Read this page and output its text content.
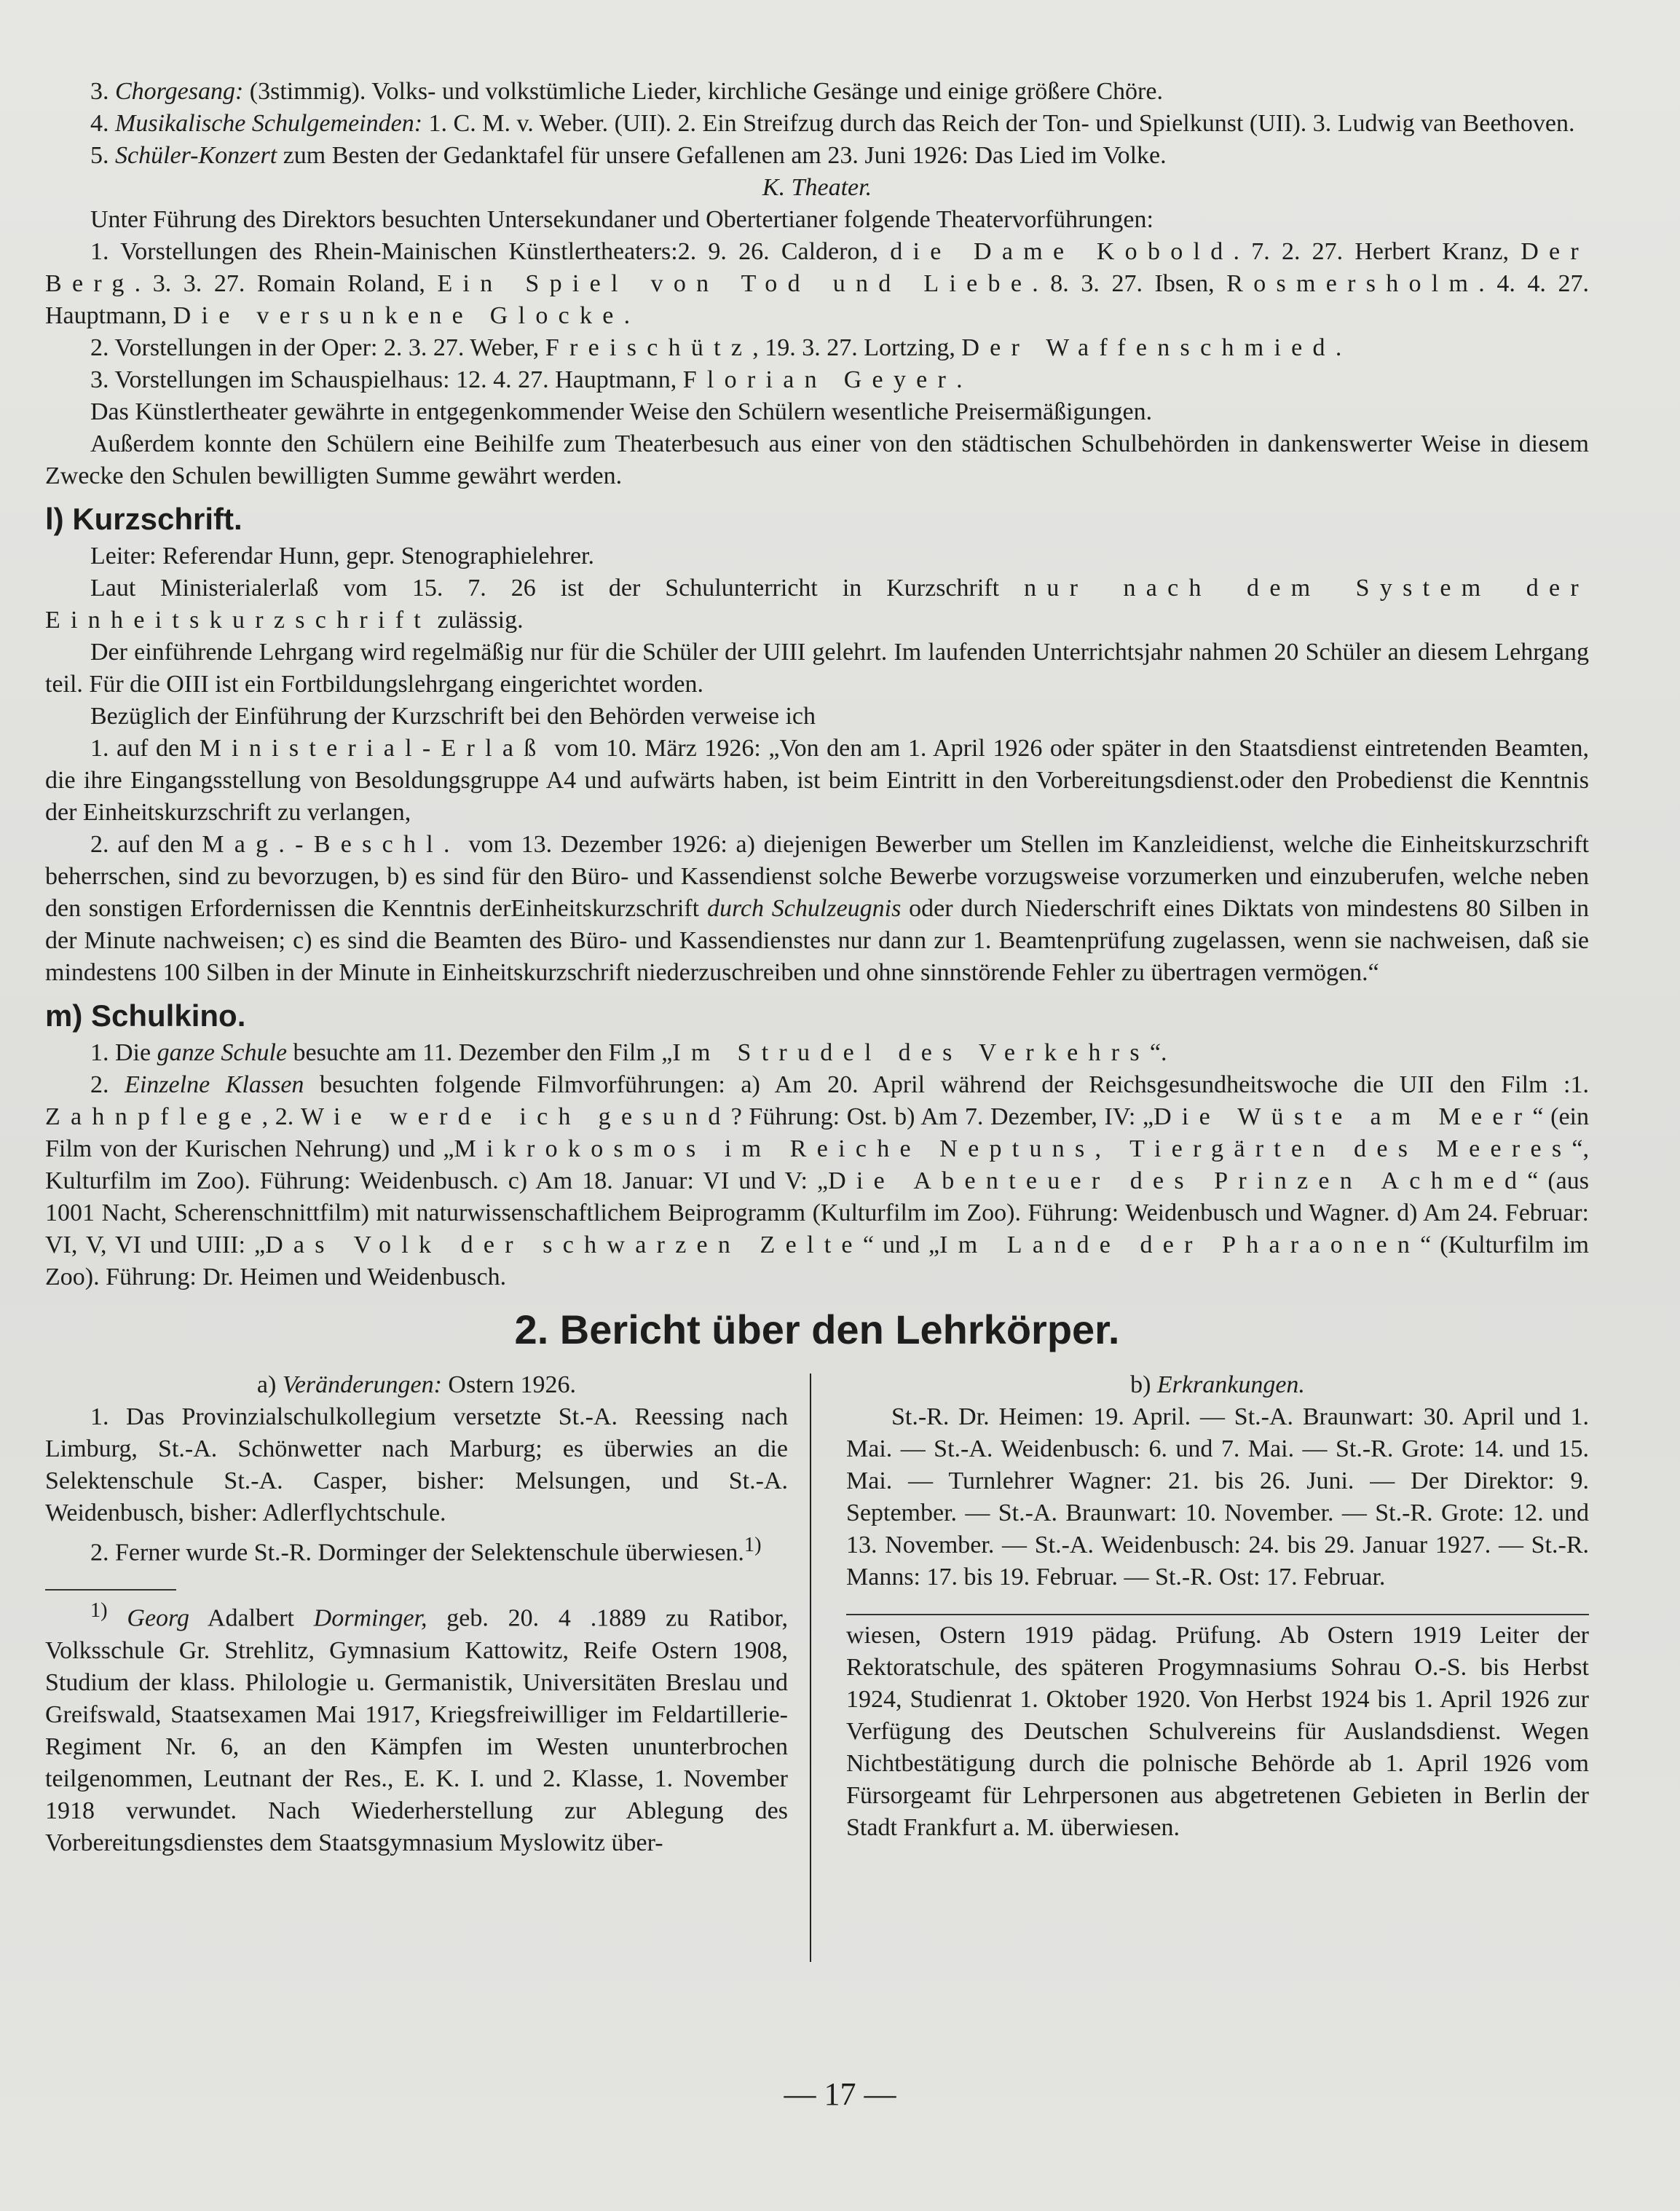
3. Chorgesang: (3stimmig). Volks- und volkstümliche Lieder, kirchliche Gesänge und einige größere Chöre.

4. Musikalische Schulgemeinden: 1. C. M. v. Weber. (UII). 2. Ein Streifzug durch das Reich der Ton- und Spielkunst (UII). 3. Ludwig van Beethoven.

5. Schüler-Konzert zum Besten der Gedanktafel für unsere Gefallenen am 23. Juni 1926: Das Lied im Volke.

K. Theater.

Unter Führung des Direktors besuchten Untersekundaner und Obertertianer folgende Theatervorführungen:

1. Vorstellungen des Rhein-Mainischen Künstlertheaters:2. 9. 26. Calderon, die Dame Kobold. 7. 2. 27. Herbert Kranz, Der Berg. 3. 3. 27. Romain Roland, Ein Spiel von Tod und Liebe. 8. 3. 27. Ibsen, Rosmersholm. 4. 4. 27. Hauptmann, Die versunkene Glocke.

2. Vorstellungen in der Oper: 2. 3. 27. Weber, Freischütz, 19. 3. 27. Lortzing, Der Waffenschmied.

3. Vorstellungen im Schauspielhaus: 12. 4. 27. Hauptmann, Florian Geyer.

Das Künstlertheater gewährte in entgegenkommender Weise den Schülern wesentliche Preisermäßigungen.

Außerdem konnte den Schülern eine Beihilfe zum Theaterbesuch aus einer von den städtischen Schulbehörden in dankenswerter Weise in diesem Zwecke den Schulen bewilligten Summe gewährt werden.

l) Kurzschrift.

Leiter: Referendar Hunn, gepr. Stenographielehrer.

Laut Ministerialerlaß vom 15. 7. 26 ist der Schulunterricht in Kurzschrift nur nach dem System der Einheitskurzschrift zulässig.

Der einführende Lehrgang wird regelmäßig nur für die Schüler der UIII gelehrt. Im laufenden Unterrichtsjahr nahmen 20 Schüler an diesem Lehrgang teil. Für die OIII ist ein Fortbildungslehrgang eingerichtet worden.

Bezüglich der Einführung der Kurzschrift bei den Behörden verweise ich

1. auf den Ministerial-Erlaß vom 10. März 1926: „Von den am 1. April 1926 oder später in den Staatsdienst eintretenden Beamten, die ihre Eingangsstellung von Besoldungsgruppe A4 und aufwärts haben, ist beim Eintritt in den Vorbereitungsdienst.oder den Probedienst die Kenntnis der Einheitskurzschrift zu verlangen,

2. auf den Mag.-Beschl. vom 13. Dezember 1926: a) diejenigen Bewerber um Stellen im Kanzleidienst, welche die Einheitskurzschrift beherrschen, sind zu bevorzugen, b) es sind für den Büro- und Kassendienst solche Bewerbe vorzugsweise vorzumerken und einzuberufen, welche neben den sonstigen Erfordernissen die Kenntnis derEinheitskurzschrift durch Schulzeugnis oder durch Niederschrift eines Diktats von mindestens 80 Silben in der Minute nachweisen; c) es sind die Beamten des Büro- und Kassendienstes nur dann zur 1. Beamtenprüfung zugelassen, wenn sie nachweisen, daß sie mindestens 100 Silben in der Minute in Einheitskurzschrift niederzuschreiben und ohne sinnstörende Fehler zu übertragen vermögen.“

m) Schulkino.

1. Die ganze Schule besuchte am 11. Dezember den Film „Im Strudel des Verkehrs“.

2. Einzelne Klassen besuchten folgende Filmvorführungen: a) Am 20. April während der Reichsgesundheitswoche die UII den Film :1. Zahnpflege, 2. Wie werde ich gesund? Führung: Ost. b) Am 7. Dezember, IV: „Die Wüste am Meer“ (ein Film von der Kurischen Nehrung) und „Mikrokosmos im Reiche Neptuns, Tiergärten des Meeres“, Kulturfilm im Zoo). Führung: Weidenbusch. c) Am 18. Januar: VI und V: „Die Abenteuer des Prinzen Achmed“ (aus 1001 Nacht, Scherenschnittfilm) mit naturwissenschaftlichem Beiprogramm (Kulturfilm im Zoo). Führung: Weidenbusch und Wagner. d) Am 24. Februar: VI, V, VI und UIII: „Das Volk der schwarzen Zelte“ und „Im Lande der Pharaonen“ (Kulturfilm im Zoo). Führung: Dr. Heimen und Weidenbusch.

2. Bericht über den Lehrkörper.

a) Veränderungen: Ostern 1926.

1. Das Provinzialschulkollegium versetzte St.-A. Reessing nach Limburg, St.-A. Schönwetter nach Marburg; es überwies an die Selektenschule St.-A. Casper, bisher: Melsungen, und St.-A. Weidenbusch, bisher: Adlerflychtschule.

2. Ferner wurde St.-R. Dorminger der Selektenschule überwiesen.$^{1)}$

$^{1)}$ Georg Adalbert Dorminger, geb. 20. 4 .1889 zu Ratibor, Volksschule Gr. Strehlitz, Gymnasium Kattowitz, Reife Ostern 1908, Studium der klass. Philologie u. Germanistik, Universitäten Breslau und Greifswald, Staatsexamen Mai 1917, Kriegsfreiwilliger im Feldartillerie-Regiment Nr. 6, an den Kämpfen im Westen ununterbrochen teilgenommen, Leutnant der Res., E. K. I. und 2. Klasse, 1. November 1918 verwundet. Nach Wiederherstellung zur Ablegung des Vorbereitungsdienstes dem Staatsgymnasium Myslowitz über-

b) Erkrankungen.

St.-R. Dr. Heimen: 19. April. — St.-A. Braunwart: 30. April und 1. Mai. — St.-A. Weidenbusch: 6. und 7. Mai. — St.-R. Grote: 14. und 15. Mai. — Turnlehrer Wagner: 21. bis 26. Juni. — Der Direktor: 9. September. — St.-A. Braunwart: 10. November. — St.-R. Grote: 12. und 13. November. — St.-A. Weidenbusch: 24. bis 29. Januar 1927. — St.-R. Manns: 17. bis 19. Februar. — St.-R. Ost: 17. Februar.

wiesen, Ostern 1919 pädag. Prüfung. Ab Ostern 1919 Leiter der Rektoratschule, des späteren Progymnasiums Sohrau O.-S. bis Herbst 1924, Studienrat 1. Oktober 1920. Von Herbst 1924 bis 1. April 1926 zur Verfügung des Deutschen Schulvereins für Auslandsdienst. Wegen Nichtbestätigung durch die polnische Behörde ab 1. April 1926 vom Fürsorgeamt für Lehrpersonen aus abgetretenen Gebieten in Berlin der Stadt Frankfurt a. M. überwiesen.

— 17 —
